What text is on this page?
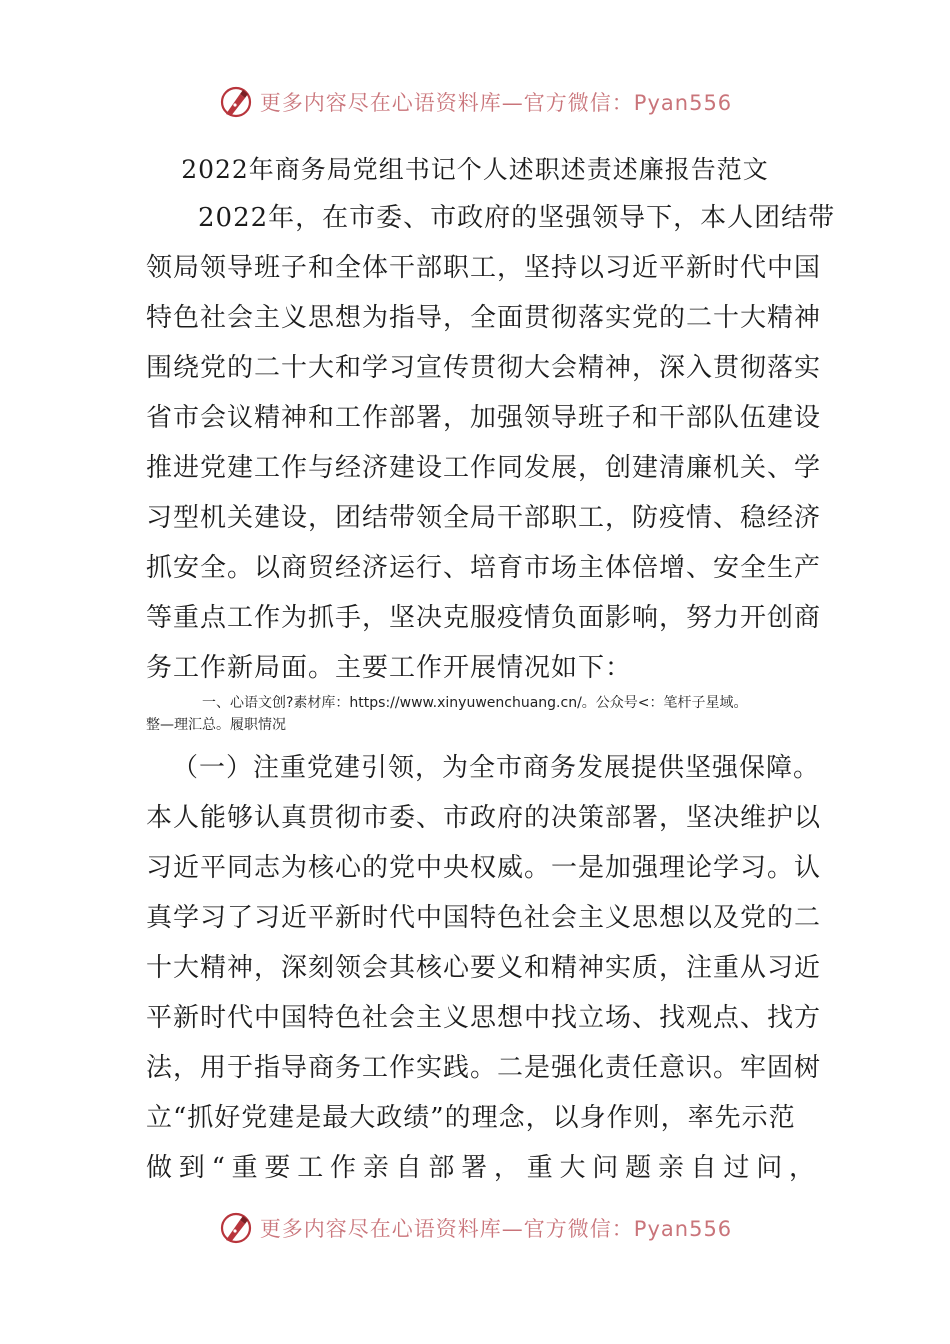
更多内容尽在心语资料库—官方微信：Pyan556
2022年商务局党组书记个人述职述责述廉报告范文
2022年，在市委、市政府的坚强领导下，本人团结带
领局领导班子和全体干部职工，坚持以习近平新时代中国
特色社会主义思想为指导，全面贯彻落实党的二十大精神
围绕党的二十大和学习宣传贯彻大会精神，深入贯彻落实
省市会议精神和工作部署，加强领导班子和干部队伍建设
推进党建工作与经济建设工作同发展，创建清廉机关、学
习型机关建设，团结带领全局干部职工，防疫情、稳经济
抓安全。以商贸经济运行、培育市场主体倍增、安全生产
等重点工作为抓手，坚决克服疫情负面影响，努力开创商
务工作新局面。主要工作开展情况如下：
一、心语文创?素材库：https://www.xinyuwenchuang.cn/。公众号<：笔杆子星域。
整—理汇总。履职情况
（一）注重党建引领，为全市商务发展提供坚强保障。
本人能够认真贯彻市委、市政府的决策部署，坚决维护以
习近平同志为核心的党中央权威。一是加强理论学习。认
真学习了习近平新时代中国特色社会主义思想以及党的二
十大精神，深刻领会其核心要义和精神实质，注重从习近
平新时代中国特色社会主义思想中找立场、找观点、找方
法，用于指导商务工作实践。二是强化责任意识。牢固树
立“抓好党建是最大政绩”的理念，以身作则，率先示范
做到“重要工作亲自部署，重大问题亲自过问，
更多内容尽在心语资料库—官方微信：Pyan556
